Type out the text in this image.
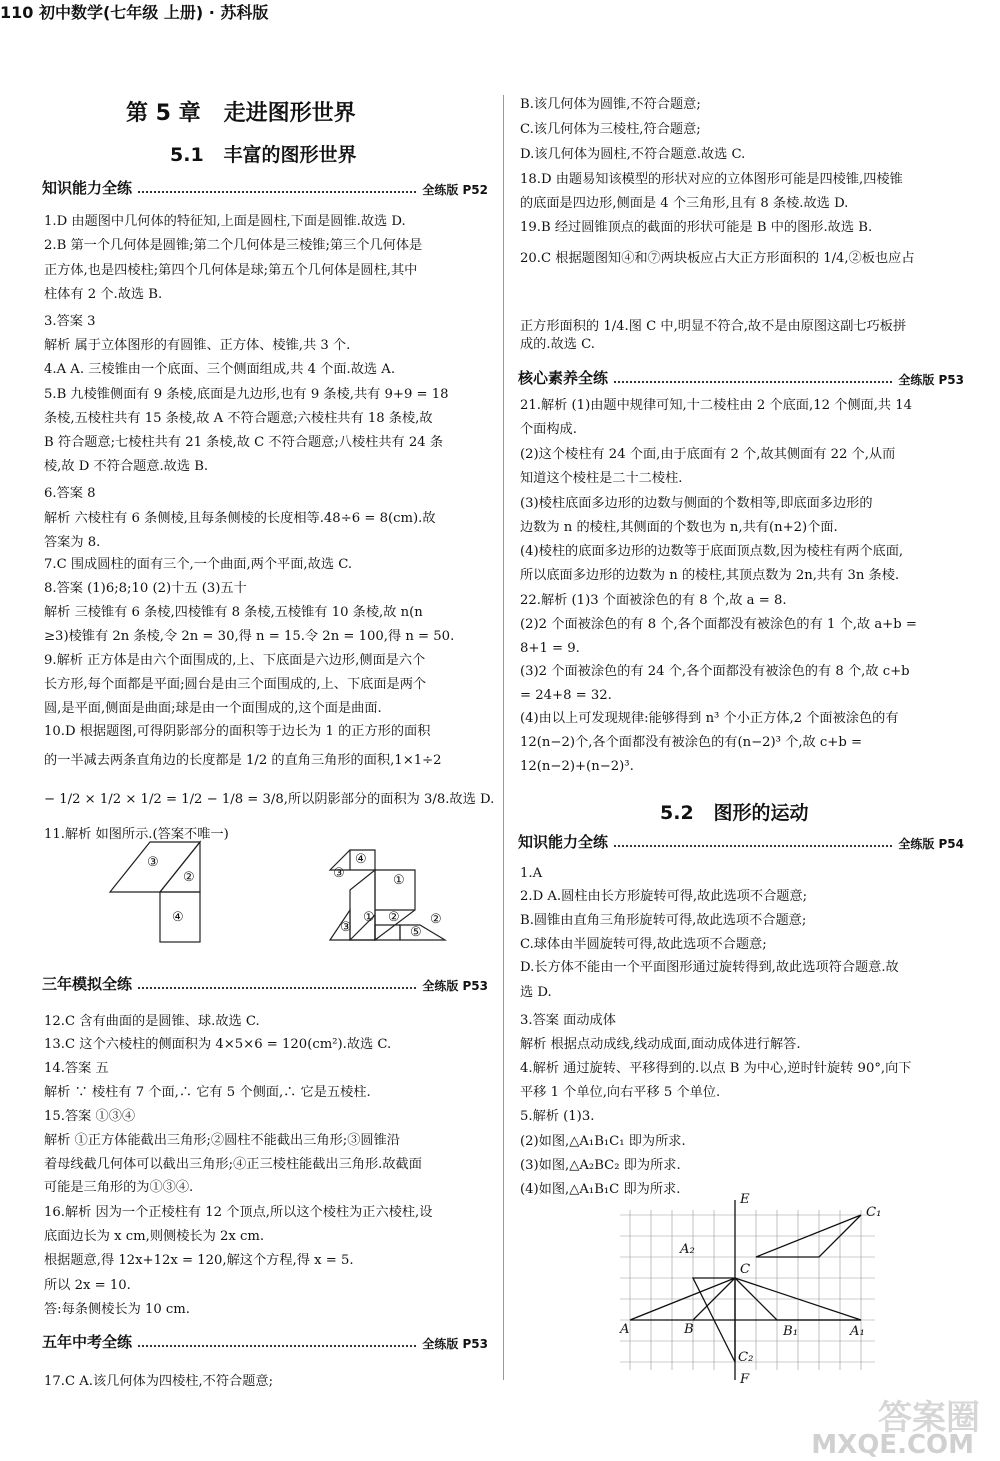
110 初中数学(七年级 上册) · 苏科版
第 5 章   走进图形世界
5.1   丰富的图形世界
5.2   图形的运动
知识能力全练	全练版 P52
三年模拟全练	全练版 P53
五年中考全练	全练版 P53
核心素养全练	全练版 P53
知识能力全练	全练版 P54
1.D 由题图中几何体的特征知,上面是圆柱,下面是圆锥.故选 D.
2.B 第一个几何体是圆锥;第二个几何体是三棱锥;第三个几何体是
正方体,也是四棱柱;第四个几何体是球;第五个几何体是圆柱,其中
柱体有 2 个.故选 B.
3.答案 3
解析 属于立体图形的有圆锥、正方体、棱锥,共 3 个.
4.A A. 三棱锥由一个底面、三个侧面组成,共 4 个面.故选 A.
5.B 九棱锥侧面有 9 条棱,底面是九边形,也有 9 条棱,共有 9+9 = 18
条棱,五棱柱共有 15 条棱,故 A 不符合题意;六棱柱共有 18 条棱,故
B 符合题意;七棱柱共有 21 条棱,故 C 不符合题意;八棱柱共有 24 条
棱,故 D 不符合题意.故选 B.
6.答案 8
解析 六棱柱有 6 条侧棱,且每条侧棱的长度相等.48÷6 = 8(cm).故
答案为 8.
7.C 围成圆柱的面有三个,一个曲面,两个平面,故选 C.
8.答案 (1)6;8;10 (2)十五 (3)五十
解析 三棱锥有 6 条棱,四棱锥有 8 条棱,五棱锥有 10 条棱,故 n(n
≥3)棱锥有 2n 条棱,令 2n = 30,得 n = 15.令 2n = 100,得 n = 50.
9.解析 正方体是由六个面围成的,上、下底面是六边形,侧面是六个
长方形,每个面都是平面;圆台是由三个面围成的,上、下底面是两个
圆,是平面,侧面是曲面;球是由一个面围成的,这个面是曲面.
10.D 根据题图,可得阴影部分的面积等于边长为 1 的正方形的面积
的一半减去两条直角边的长度都是 1/2 的直角三角形的面积,1×1÷2
− 1/2 × 1/2 × 1/2 = 1/2 − 1/8 = 3/8,所以阴影部分的面积为 3/8.故选 D.
11.解析 如图所示.(答案不唯一)
12.C 含有曲面的是圆锥、球.故选 C.
13.C 这个六棱柱的侧面积为 4×5×6 = 120(cm²).故选 C.
14.答案 五
解析 ∵ 棱柱有 7 个面,∴ 它有 5 个侧面,∴ 它是五棱柱.
15.答案 ①③④
解析 ①正方体能截出三角形;②圆柱不能截出三角形;③圆锥沿
着母线截几何体可以截出三角形;④正三棱柱能截出三角形.故截面
可能是三角形的为①③④.
16.解析 因为一个正棱柱有 12 个顶点,所以这个棱柱为正六棱柱,设
底面边长为 x cm,则侧棱长为 2x cm.
根据题意,得 12x+12x = 120,解这个方程,得 x = 5.
所以 2x = 10.
答:每条侧棱长为 10 cm.
17.C A.该几何体为四棱柱,不符合题意;
B.该几何体为圆锥,不符合题意;
C.该几何体为三棱柱,符合题意;
D.该几何体为圆柱,不符合题意.故选 C.
18.D 由题易知该模型的形状对应的立体图形可能是四棱锥,四棱锥
的底面是四边形,侧面是 4 个三角形,且有 8 条棱.故选 D.
19.B 经过圆锥顶点的截面的形状可能是 B 中的图形.故选 B.
20.C 根据题图知④和⑦两块板应占大正方形面积的 1/4,②板也应占
正方形面积的 1/4.图 C 中,明显不符合,故不是由原图这副七巧板拼
成的.故选 C.
21.解析 (1)由题中规律可知,十二棱柱由 2 个底面,12 个侧面,共 14
个面构成.
(2)这个棱柱有 24 个面,由于底面有 2 个,故其侧面有 22 个,从而
知道这个棱柱是二十二棱柱.
(3)棱柱底面多边形的边数与侧面的个数相等,即底面多边形的
边数为 n 的棱柱,其侧面的个数也为 n,共有(n+2)个面.
(4)棱柱的底面多边形的边数等于底面顶点数,因为棱柱有两个底面,
所以底面多边形的边数为 n 的棱柱,其顶点数为 2n,共有 3n 条棱.
22.解析 (1)3 个面被涂色的有 8 个,故 a = 8.
(2)2 个面被涂色的有 8 个,各个面都没有被涂色的有 1 个,故 a+b =
8+1 = 9.
(3)2 个面被涂色的有 24 个,各个面都没有被涂色的有 8 个,故 c+b
= 24+8 = 32.
(4)由以上可发现规律:能够得到 n³ 个小正方体,2 个面被涂色的有
12(n−2)个,各个面都没有被涂色的有(n−2)³ 个,故 c+b =
12(n−2)+(n−2)³.
1.A
2.D A.圆柱由长方形旋转可得,故此选项不合题意;
B.圆锥由直角三角形旋转可得,故此选项不合题意;
C.球体由半圆旋转可得,故此选项不合题意;
D.长方体不能由一个平面图形通过旋转得到,故此选项符合题意.故
选 D.
3.答案 面动成体
解析 根据点动成线,线动成面,面动成体进行解答.
4.解析 通过旋转、平移得到的.以点 B 为中心,逆时针旋转 90°,向下
平移 1 个单位,向右平移 5 个单位.
5.解析 (1)3.
(2)如图,△A₁B₁C₁ 即为所求.
(3)如图,△A₂BC₂ 即为所求.
(4)如图,△A₁B₁C 即为所求.
③
②
④
④
③	①
① ②
③	⑤
②
E
F
A	B
C
A₁
B₁
C₁
A₂
C₂
答案圈
MXQE.COM
